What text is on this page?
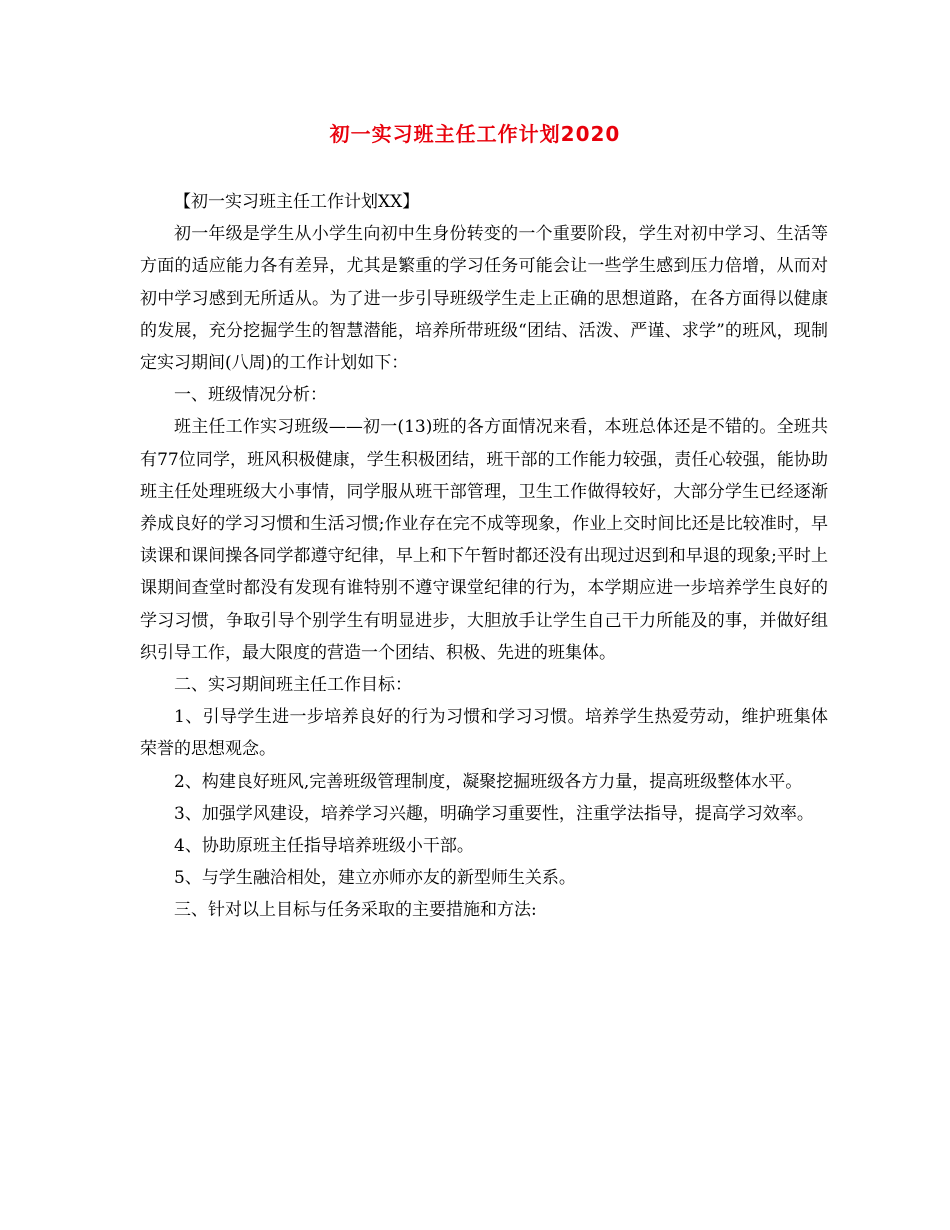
初一实习班主任工作计划2020

【初一实习班主任工作计划XX】

初一年级是学生从小学生向初中生身份转变的一个重要阶段，学生对初中学习、生活等方面的适应能力各有差异，尤其是繁重的学习任务可能会让一些学生感到压力倍增，从而对初中学习感到无所适从。为了进一步引导班级学生走上正确的思想道路，在各方面得以健康的发展，充分挖掘学生的智慧潜能，培养所带班级“团结、活泼、严谨、求学”的班风，现制定实习期间(八周)的工作计划如下：

一、班级情况分析：

班主任工作实习班级——初一(13)班的各方面情况来看，本班总体还是不错的。全班共有77位同学，班风积极健康，学生积极团结，班干部的工作能力较强，责任心较强，能协助班主任处理班级大小事情，同学服从班干部管理，卫生工作做得较好，大部分学生已经逐渐养成良好的学习习惯和生活习惯;作业存在完不成等现象，作业上交时间比还是比较准时，早读课和课间操各同学都遵守纪律，早上和下午暂时都还没有出现过迟到和早退的现象;平时上课期间查堂时都没有发现有谁特别不遵守课堂纪律的行为，本学期应进一步培养学生良好的学习习惯，争取引导个别学生有明显进步，大胆放手让学生自己干力所能及的事，并做好组织引导工作，最大限度的营造一个团结、积极、先进的班集体。

二、实习期间班主任工作目标：

1、引导学生进一步培养良好的行为习惯和学习习惯。培养学生热爱劳动，维护班集体荣誉的思想观念。

2、构建良好班风,完善班级管理制度，凝聚挖掘班级各方力量，提高班级整体水平。

3、加强学风建设，培养学习兴趣，明确学习重要性，注重学法指导，提高学习效率。

4、协助原班主任指导培养班级小干部。

5、与学生融洽相处，建立亦师亦友的新型师生关系。

三、针对以上目标与任务采取的主要措施和方法:
